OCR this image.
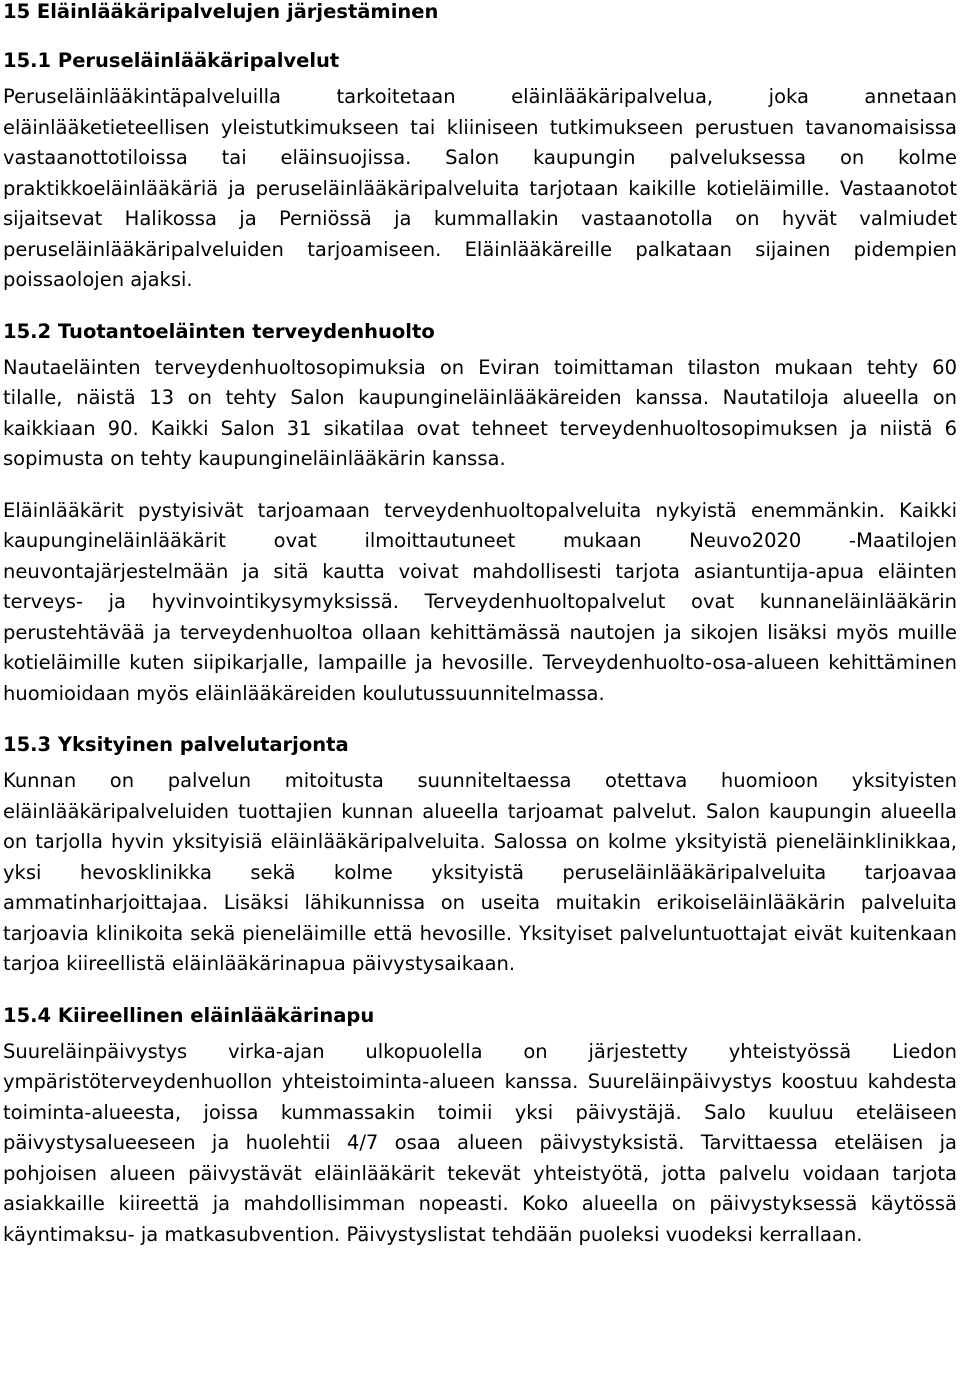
15 Eläinlääkäripalvelujen järjestäminen
15.1 Peruseläinlääkäripalvelut

Peruseläinlääkintäpalveluilla tarkoitetaan eläinlääkäripalvelua, joka annetaan eläinlääketieteellisen yleistutkimukseen tai kliiniseen tutkimukseen perustuen tavanomaisissa vastaanottotiloissa tai eläinsuojissa. Salon kaupungin palveluksessa on kolme praktikkoeläinlääkäriä ja peruseläinlääkäripalveluita tarjotaan kaikille kotieläimille. Vastaanotot sijaitsevat Halikossa ja Perniössä ja kummallakin vastaanotolla on hyvät valmiudet peruseläinlääkäripalveluiden tarjoamiseen. Eläinlääkäreille palkataan sijainen pidempien poissaolojen ajaksi.

15.2 Tuotantoeläinten terveydenhuolto

Nautaeläinten terveydenhuoltosopimuksia on Eviran toimittaman tilaston mukaan tehty 60 tilalle, näistä 13 on tehty Salon kaupungineläinlääkäreiden kanssa. Nautatiloja alueella on kaikkiaan 90. Kaikki Salon 31 sikatilaa ovat tehneet terveydenhuoltosopimuksen ja niistä 6 sopimusta on tehty kaupungineläinlääkärin kanssa.

Eläinlääkärit pystyisivät tarjoamaan terveydenhuoltopalveluita nykyistä enemmänkin. Kaikki kaupungineläinlääkärit ovat ilmoittautuneet mukaan Neuvo2020 -Maatilojen neuvontajärjestelmään ja sitä kautta voivat mahdollisesti tarjota asiantuntija-apua eläinten terveys- ja hyvinvointikysymyksissä. Terveydenhuoltopalvelut ovat kunnaneläinlääkärin perustehtävää ja terveydenhuoltoa ollaan kehittämässä nautojen ja sikojen lisäksi myös muille kotieläimille kuten siipikarjalle, lampaille ja hevosille. Terveydenhuolto-osa-alueen kehittäminen huomioidaan myös eläinlääkäreiden koulutussuunnitelmassa.

15.3 Yksityinen palvelutarjonta

Kunnan on palvelun mitoitusta suunniteltaessa otettava huomioon yksityisten eläinlääkäripalveluiden tuottajien kunnan alueella tarjoamat palvelut. Salon kaupungin alueella on tarjolla hyvin yksityisiä eläinlääkäripalveluita. Salossa on kolme yksityistä pieneläinklinikkaa, yksi hevosklinikka sekä kolme yksityistä peruseläinlääkäripalveluita tarjoavaa ammatinharjoittajaa. Lisäksi lähikunnissa on useita muitakin erikoiseläinlääkärin palveluita tarjoavia klinikoita sekä pieneläimille että hevosille. Yksityiset palveluntuottajat eivät kuitenkaan tarjoa kiireellistä eläinlääkärinapua päivystysaikaan.

15.4 Kiireellinen eläinlääkärinapu

Suureläinpäivystys virka-ajan ulkopuolella on järjestetty yhteistyössä Liedon ympäristöterveydenhuollon yhteistoiminta-alueen kanssa. Suureläinpäivystys koostuu kahdesta toiminta-alueesta, joissa kummassakin toimii yksi päivystäjä. Salo kuuluu eteläiseen päivystysalueeseen ja huolehtii 4/7 osaa alueen päivystyksistä. Tarvittaessa eteläisen ja pohjoisen alueen päivystävät eläinlääkärit tekevät yhteistyötä, jotta palvelu voidaan tarjota asiakkaille kiireettä ja mahdollisimman nopeasti. Koko alueella on päivystyksessä käytössä käyntimaksu- ja matkasubvention. Päivystyslistat tehdään puoleksi vuodeksi kerrallaan.
